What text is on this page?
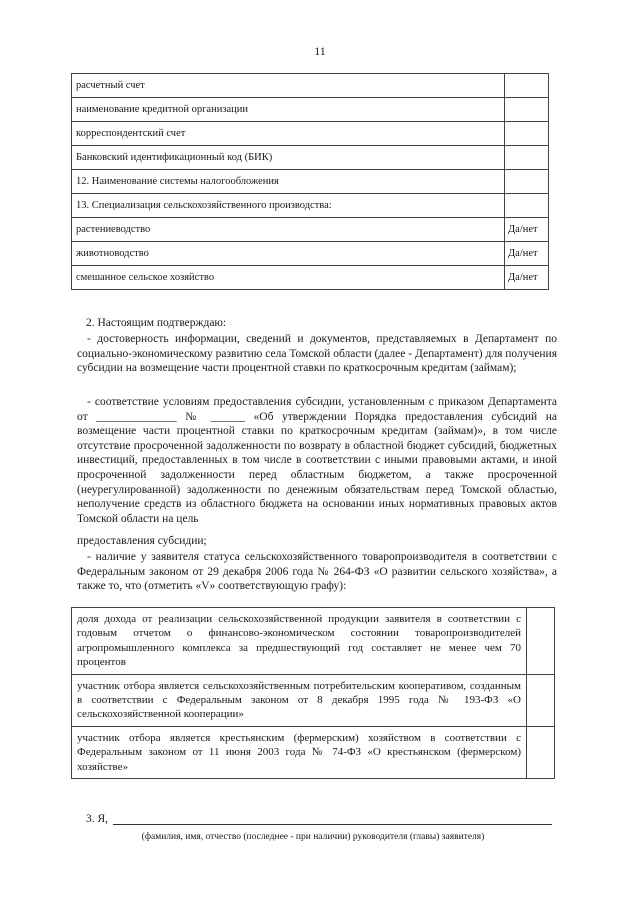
11
расчетный счет	
наименование кредитной организации	
корреспондентский счет	
Банковский идентификационный код (БИК)	
12. Наименование системы налогообложения	
13. Специализация сельскохозяйственного производства:	
растениеводство	Да/нет
животноводство	Да/нет
смешанное сельское хозяйство	Да/нет
2. Настоящим подтверждаю:
- достоверность информации, сведений и документов, представляемых в Департамент по социально-экономическому развитию села Томской области (далее - Департамент) для получения субсидии на возмещение части процентной ставки по краткосрочным кредитам (займам);
- соответствие условиям предоставления субсидии, установленным с приказом Департамента от ______________ № ______ «Об утверждении Порядка предоставления субсидий на возмещение части процентной ставки по краткосрочным кредитам (займам)», в том числе отсутствие просроченной задолженности по возврату в областной бюджет субсидий, бюджетных инвестиций, предоставленных в том числе в соответствии с иными правовыми актами, и иной просроченной задолженности перед областным бюджетом, а также просроченной (неурегулированной) задолженности по денежным обязательствам перед Томской областью, неполучение средств из областного бюджета на основании иных нормативных правовых актов Томской области на цель
предоставления субсидии;
- наличие у заявителя статуса сельскохозяйственного товаропроизводителя в соответствии с Федеральным законом от 29 декабря 2006 года № 264-ФЗ «О развитии сельского хозяйства», а также то, что (отметить «V» соответствующую графу):
доля дохода от реализации сельскохозяйственной продукции заявителя в соответствии с годовым отчетом о финансово-экономическом состоянии товаропроизводителей агропромышленного комплекса за предшествующий год составляет не менее чем 70 процентов	
участник отбора является сельскохозяйственным потребительским кооперативом, созданным в соответствии с Федеральным законом от 8 декабря 1995 года № 193-ФЗ «О сельскохозяйственной кооперации»	
участник отбора является крестьянским (фермерским) хозяйством в соответствии с Федеральным законом от 11 июня 2003 года № 74-ФЗ «О крестьянском (фермерском) хозяйстве»	
3. Я,
(фамилия, имя, отчество (последнее - при наличии) руководителя (главы) заявителя)
